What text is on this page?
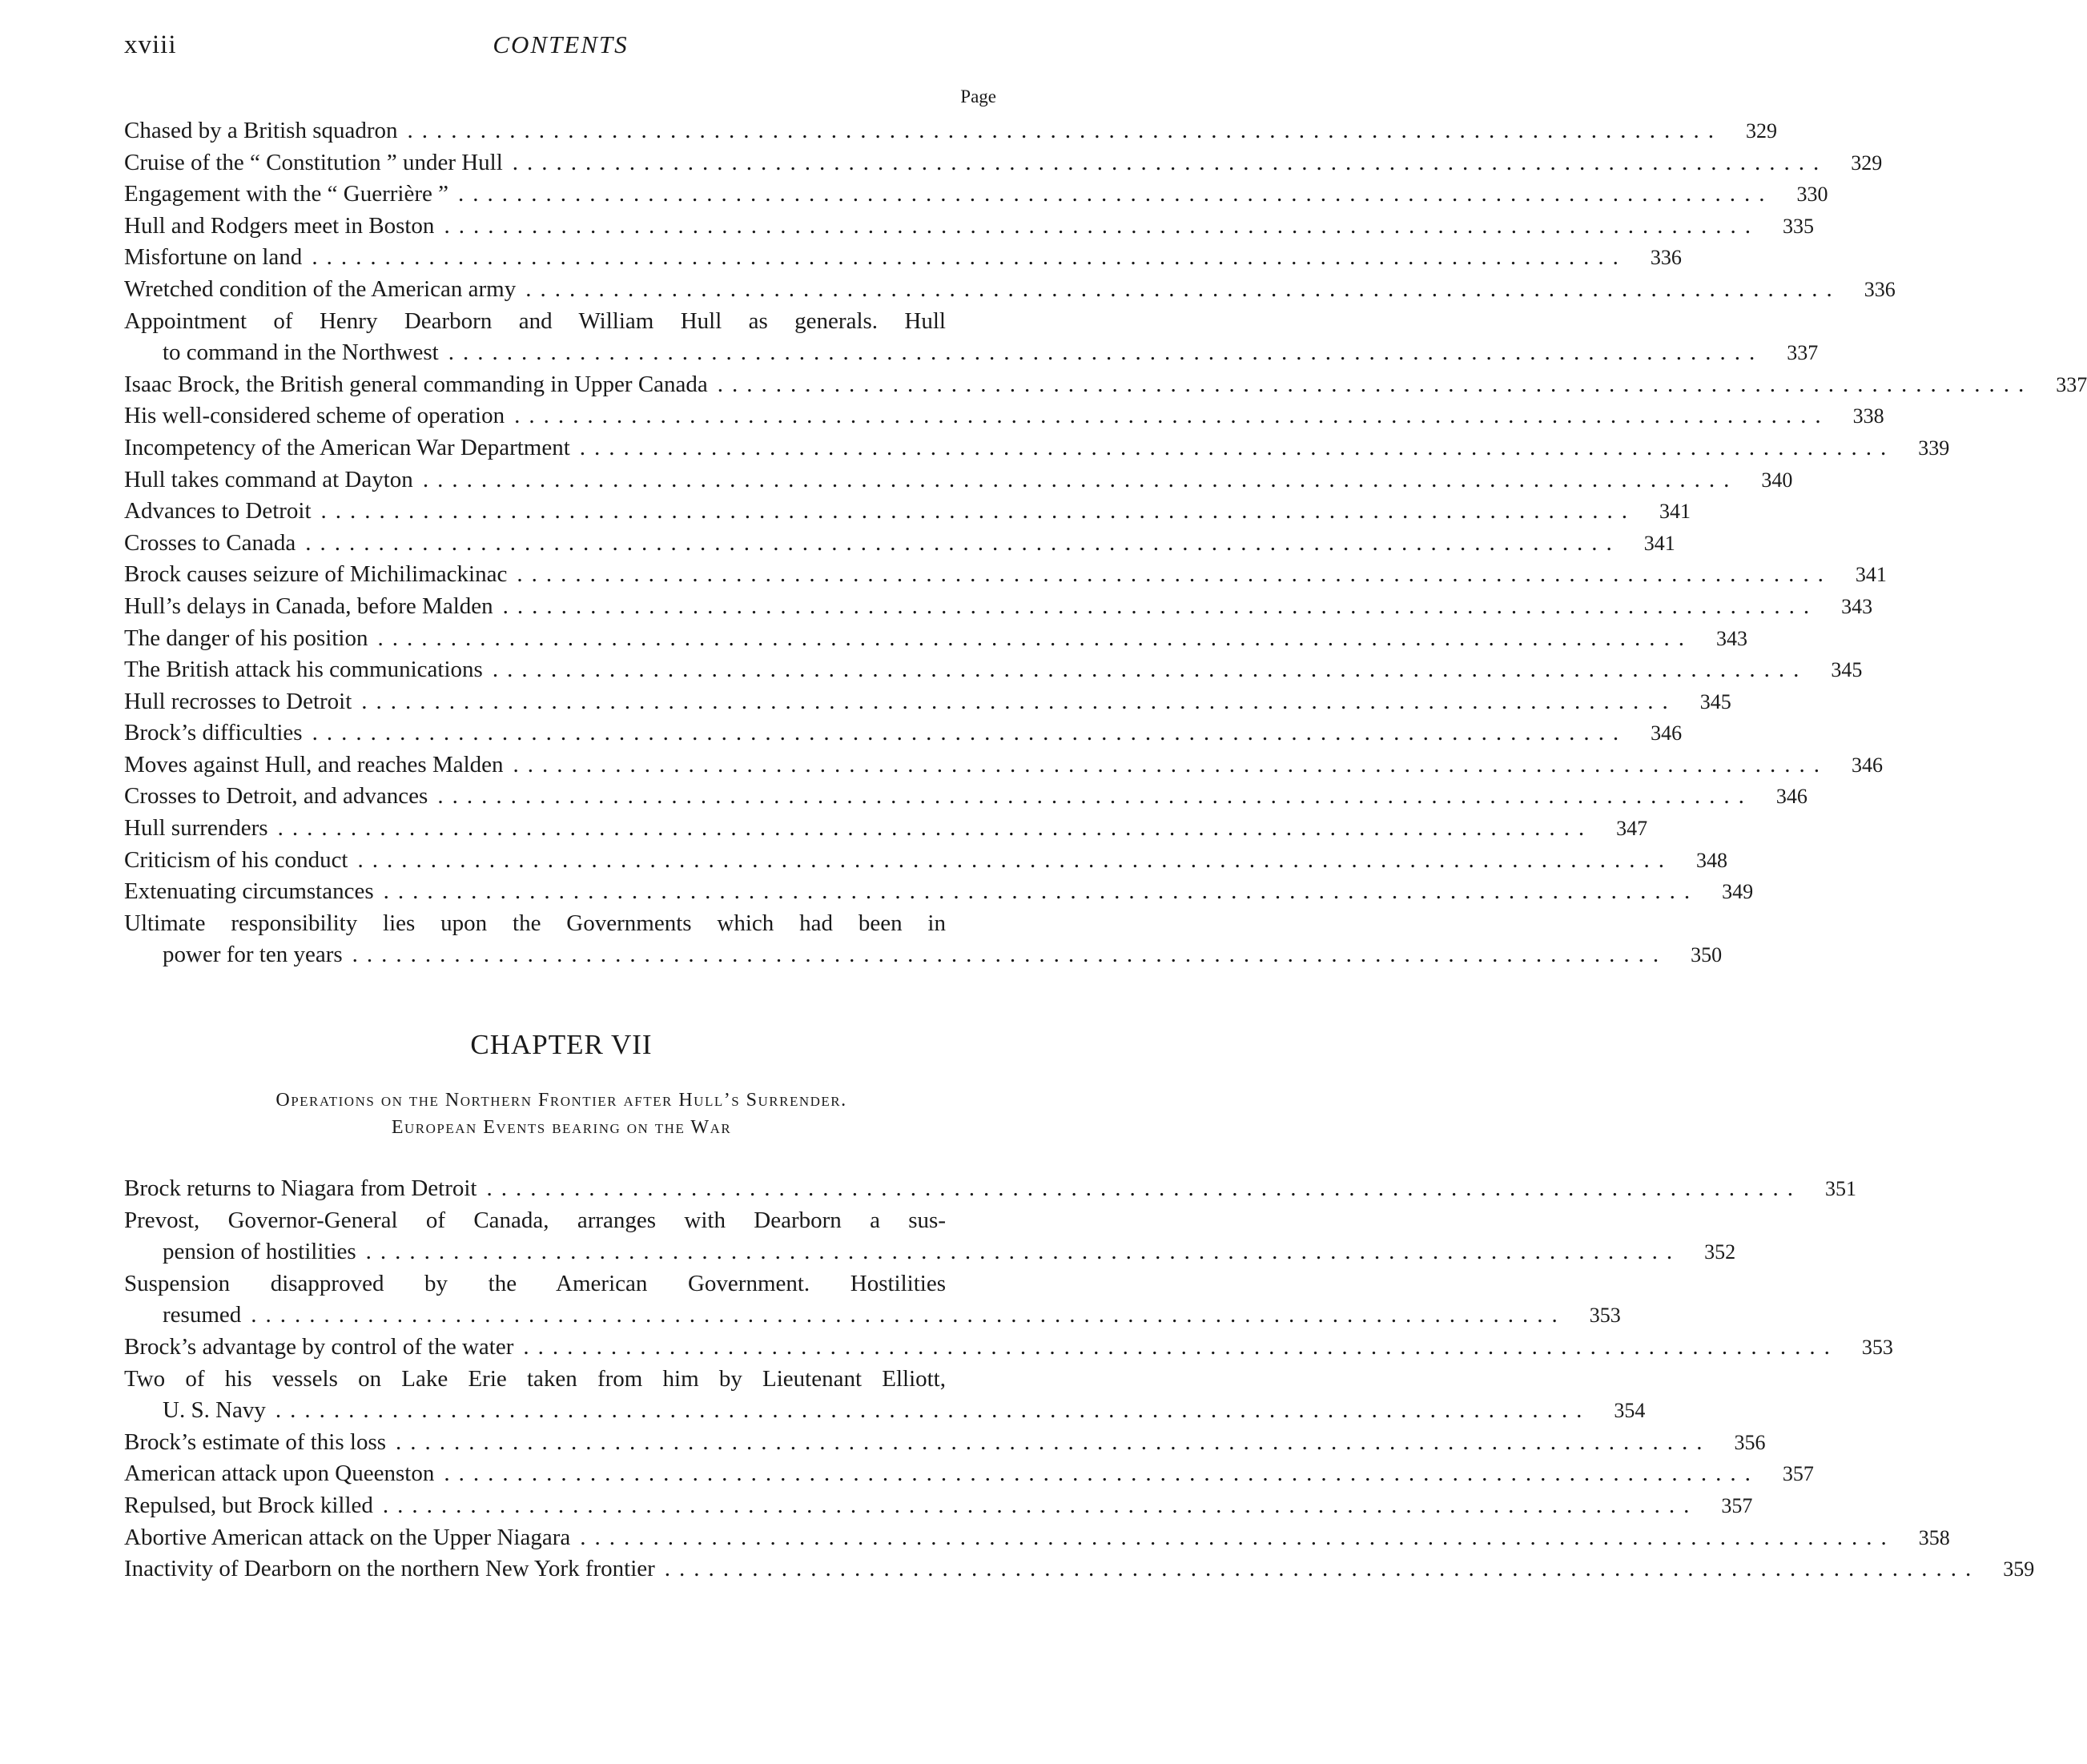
xviii	CONTENTS
Page
Chased by a British squadron ..........................................................................................	329
Cruise of the “ Constitution ” under Hull ..........................................................................................	329
Engagement with the “ Guerrière ” ..........................................................................................	330
Hull and Rodgers meet in Boston ..........................................................................................	335
Misfortune on land ..........................................................................................	336
Wretched condition of the American army ..........................................................................................	336
Appointment of Henry Dearborn and William Hull as generals. Hull
to command in the Northwest ..........................................................................................	337
Isaac Brock, the British general commanding in Upper Canada ..........................................................................................	337
His well-considered scheme of operation ..........................................................................................	338
Incompetency of the American War Department ..........................................................................................	339
Hull takes command at Dayton ..........................................................................................	340
Advances to Detroit ..........................................................................................	341
Crosses to Canada ..........................................................................................	341
Brock causes seizure of Michilimackinac ..........................................................................................	341
Hull’s delays in Canada, before Malden ..........................................................................................	343
The danger of his position ..........................................................................................	343
The British attack his communications ..........................................................................................	345
Hull recrosses to Detroit ..........................................................................................	345
Brock’s difficulties ..........................................................................................	346
Moves against Hull, and reaches Malden ..........................................................................................	346
Crosses to Detroit, and advances ..........................................................................................	346
Hull surrenders ..........................................................................................	347
Criticism of his conduct ..........................................................................................	348
Extenuating circumstances ..........................................................................................	349
Ultimate responsibility lies upon the Governments which had been in
power for ten years ..........................................................................................	350
CHAPTER VII
Operations on the Northern Frontier after Hull’s Surrender.
European Events bearing on the War
Brock returns to Niagara from Detroit ..........................................................................................	351
Prevost, Governor-General of Canada, arranges with Dearborn a sus-
pension of hostilities ..........................................................................................	352
Suspension disapproved by the American Government. Hostilities
resumed ..........................................................................................	353
Brock’s advantage by control of the water ..........................................................................................	353
Two of his vessels on Lake Erie taken from him by Lieutenant Elliott,
U. S. Navy ..........................................................................................	354
Brock’s estimate of this loss ..........................................................................................	356
American attack upon Queenston ..........................................................................................	357
Repulsed, but Brock killed ..........................................................................................	357
Abortive American attack on the Upper Niagara ..........................................................................................	358
Inactivity of Dearborn on the northern New York frontier ..........................................................................................	359
